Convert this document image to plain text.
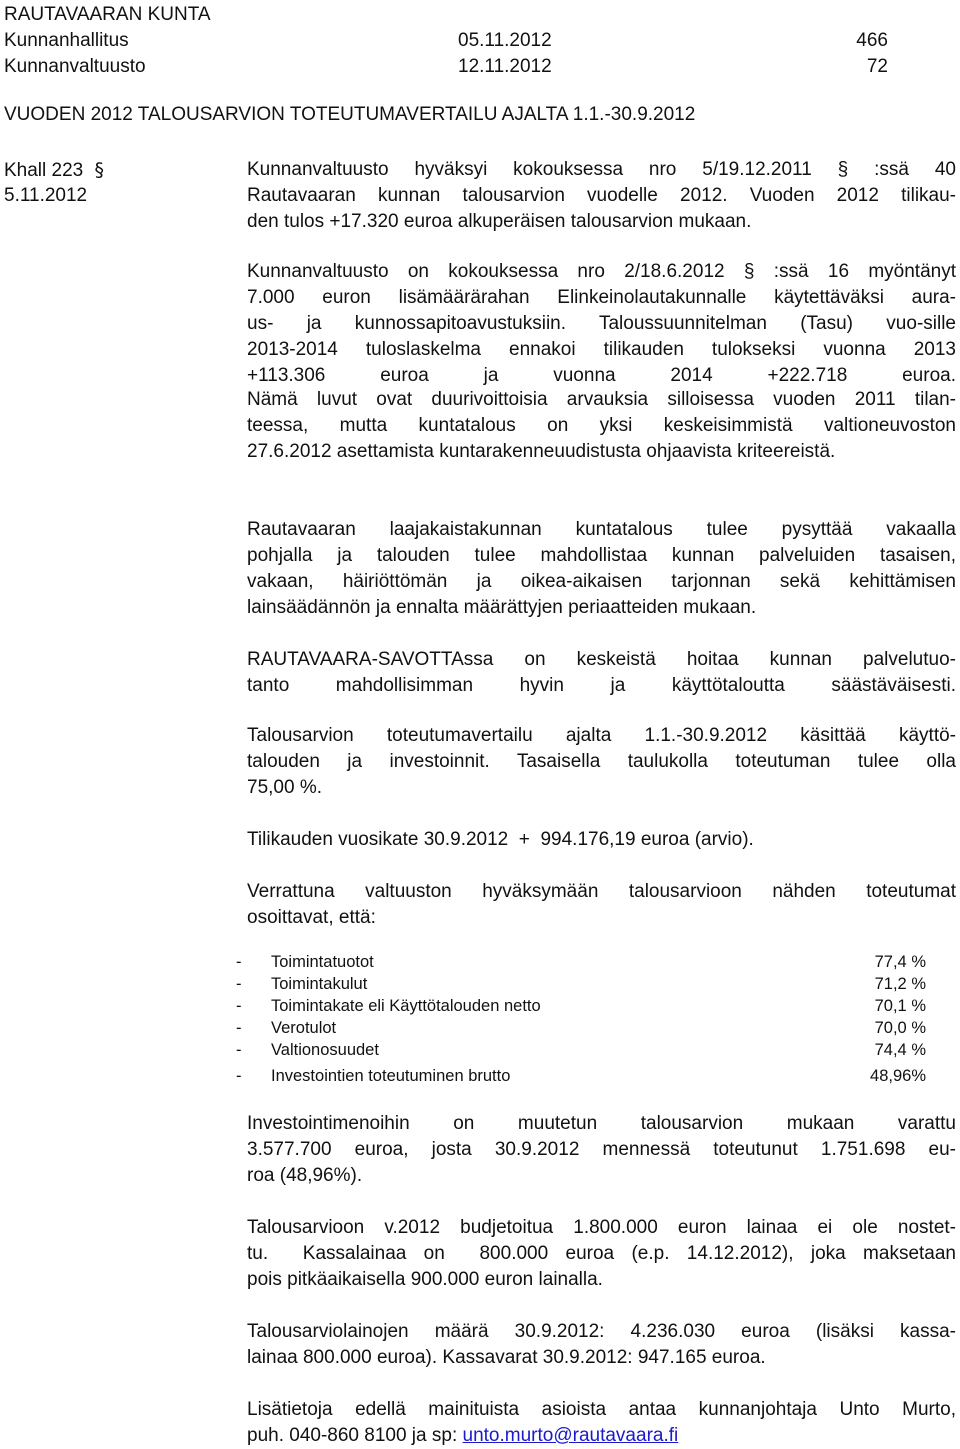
RAUTAVAARAN KUNTA
Kunnanhallitus	05.11.2012	466
Kunnanvaltuusto	12.11.2012	72
VUODEN 2012 TALOUSARVION TOTEUTUMAVERTAILU AJALTA 1.1.-30.9.2012
Khall 223 §
5.11.2012
Kunnanvaltuusto hyväksyi kokouksessa nro 5/19.12.2011 § :ssä 40
Rautavaaran kunnan talousarvion vuodelle 2012. Vuoden 2012 tilikau-
den tulos +17.320 euroa alkuperäisen talousarvion mukaan.
Kunnanvaltuusto on kokouksessa nro 2/18.6.2012 § :ssä 16 myöntänyt
7.000 euron lisämäärärahan Elinkeinolautakunnalle käytettäväksi aura-
us- ja kunnossapitoavustuksiin. Taloussuunnitelman (Tasu) vuo-sille
2013-2014 tuloslaskelma ennakoi tilikauden tulokseksi vuonna 2013
+113.306 euroa ja vuonna 2014 +222.718 euroa.
Nämä luvut ovat duurivoittoisia arvauksia silloisessa vuoden 2011 tilan-
teessa, mutta kuntatalous on yksi keskeisimmistä valtioneuvoston
27.6.2012 asettamista kuntarakenneuudistusta ohjaavista kriteereistä.
Rautavaaran laajakaistakunnan kuntatalous tulee pysyttää vakaalla
pohjalla ja talouden tulee mahdollistaa kunnan palveluiden tasaisen,
vakaan, häiriöttömän ja oikea-aikaisen tarjonnan sekä kehittämisen
lainsäädännön ja ennalta määrättyjen periaatteiden mukaan.
RAUTAVAARA-SAVOTTAssa on keskeistä hoitaa kunnan palvelutuo-
tanto mahdollisimman hyvin ja käyttötaloutta säästäväisesti.
Talousarvion toteutumavertailu ajalta 1.1.-30.9.2012 käsittää käyttö-
talouden ja investoinnit. Tasaisella taulukolla toteutuman tulee olla
75,00 %.
Tilikauden vuosikate 30.9.2012  +  994.176,19 euroa (arvio).
Verrattuna valtuuston hyväksymään talousarvioon nähden toteutumat
osoittavat, että:
- Toimintatuotot	77,4 %
- Toimintakulut	71,2 %
- Toimintakate eli Käyttötalouden netto	70,1 %
- Verotulot	70,0 %
- Valtionosuudet	74,4 %
- Investointien toteutuminen brutto	48,96%
Investointimenoihin on muutetun talousarvion mukaan varattu
3.577.700 euroa, josta 30.9.2012 mennessä toteutunut 1.751.698 eu-
roa (48,96%).
Talousarvioon v.2012 budjetoitua 1.800.000 euron lainaa ei ole nostet-
tu.  Kassalainaa on  800.000 euroa (e.p. 14.12.2012), joka maksetaan
pois pitkäaikaisella 900.000 euron lainalla.
Talousarviolainojen määrä 30.9.2012: 4.236.030 euroa (lisäksi kassa-
lainaa 800.000 euroa). Kassavarat 30.9.2012: 947.165 euroa.
Lisätietoja edellä mainituista asioista antaa kunnanjohtaja Unto Murto,
puh. 040-860 8100 ja sp: unto.murto@rautavaara.fi
